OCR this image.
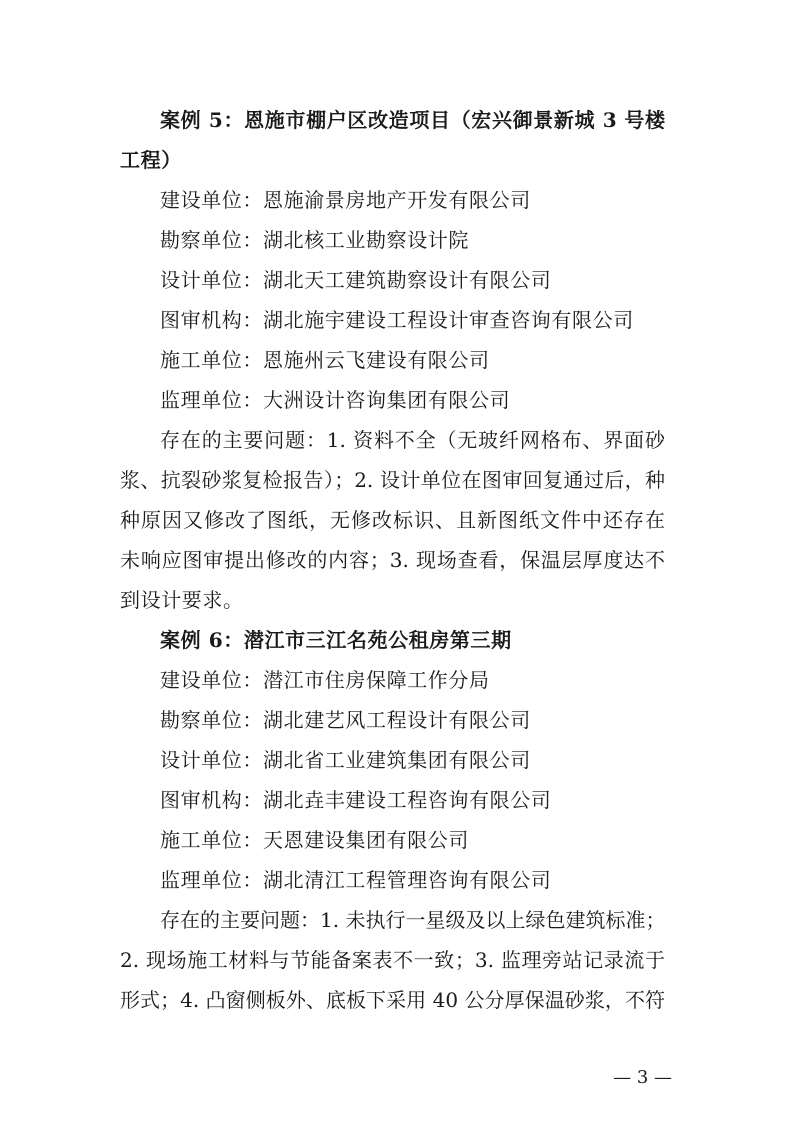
案例 5：恩施市棚户区改造项目（宏兴御景新城 3 号楼
工程）
建设单位：恩施渝景房地产开发有限公司
勘察单位：湖北核工业勘察设计院
设计单位：湖北天工建筑勘察设计有限公司
图审机构：湖北施宇建设工程设计审查咨询有限公司
施工单位：恩施州云飞建设有限公司
监理单位：大洲设计咨询集团有限公司
存在的主要问题：1. 资料不全（无玻纤网格布、界面砂
浆、抗裂砂浆复检报告）；2. 设计单位在图审回复通过后，种
种原因又修改了图纸，无修改标识、且新图纸文件中还存在
未响应图审提出修改的内容；3. 现场查看，保温层厚度达不
到设计要求。
案例 6：潜江市三江名苑公租房第三期
建设单位：潜江市住房保障工作分局
勘察单位：湖北建艺风工程设计有限公司
设计单位：湖北省工业建筑集团有限公司
图审机构：湖北垚丰建设工程咨询有限公司
施工单位：天恩建设集团有限公司
监理单位：湖北清江工程管理咨询有限公司
存在的主要问题：1. 未执行一星级及以上绿色建筑标准；
2. 现场施工材料与节能备案表不一致；3. 监理旁站记录流于
形式；4. 凸窗侧板外、底板下采用 40 公分厚保温砂浆，不符
— 3 —
